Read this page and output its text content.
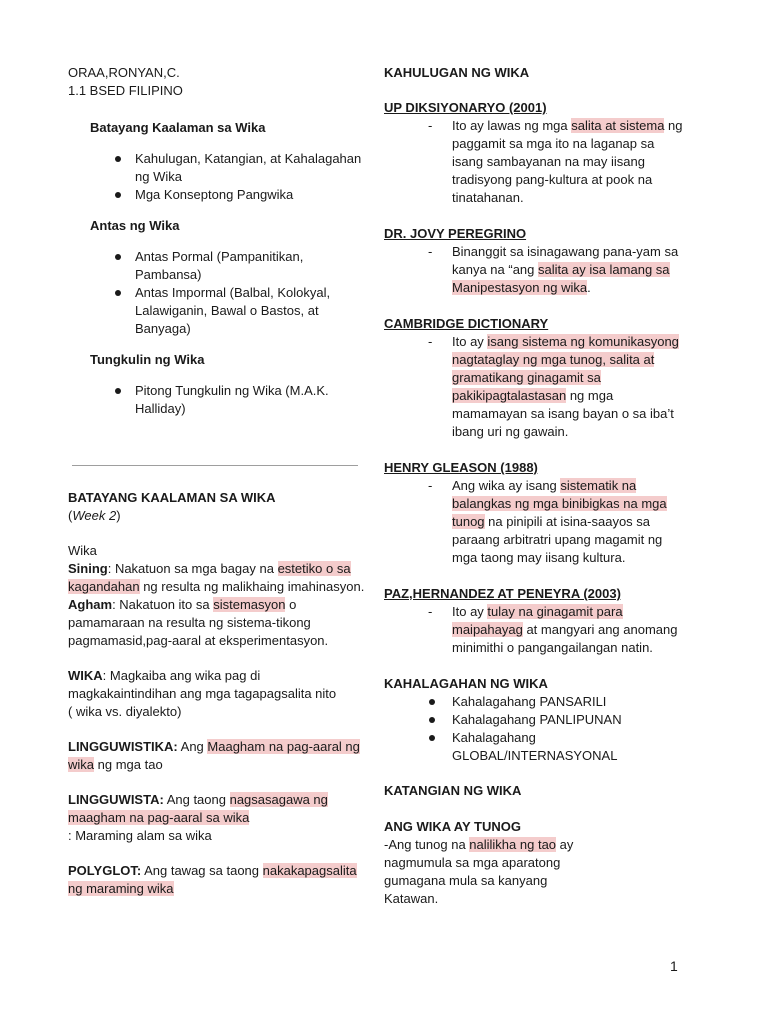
ORAA,RONYAN,C.

1.1 BSED FILIPINO

Batayang Kaalaman sa Wika

Kahulugan, Katangian, at Kahalagahan ng Wika
Mga Konseptong Pangwika

Antas ng Wika

Antas Pormal (Pampanitikan, Pambansa)
Antas Impormal (Balbal, Kolokyal, Lalawiganin, Bawal o Bastos, at Banyaga)

Tungkulin ng Wika

Pitong Tungkulin ng Wika (M.A.K. Halliday)

BATAYANG KAALAMAN SA WIKA

(Week 2)

Wika

Sining: Nakatuon sa mga bagay na estetiko o sa kagandahan ng resulta ng malikhaing imahinasyon.

Agham: Nakatuon ito sa sistemasyon o pamamaraan na resulta ng sistema-tikong pagmamasid,pag-aaral at eksperimentasyon.

WIKA: Magkaiba ang wika pag di magkakaintindihan ang mga tagapagsalita nito
( wika vs. diyalekto)

LINGGUWISTIKA: Ang Maagham na pag-aaral ng wika ng mga tao

LINGGUWISTA: Ang taong nagsasagawa ng maagham na pag-aaral sa wika

: Maraming alam sa wika

POLYGLOT: Ang tawag sa taong nakakapagsalita ng maraming wika

KAHULUGAN NG WIKA

UP DIKSIYONARYO (2001)

- Ito ay lawas ng mga salita at sistema ng paggamit sa mga ito na laganap sa isang sambayanan na may iisang tradisyong pang-kultura at pook na tinatahanan.

DR. JOVY PEREGRINO

- Binanggit sa isinagawang pana-yam sa kanya na “ang salita ay isa lamang sa Manipestasyon ng wika.

CAMBRIDGE DICTIONARY

- Ito ay isang sistema ng komunikasyong nagtataglay ng mga tunog, salita at gramatikang ginagamit sa pakikipagtalastasan ng mga mamamayan sa isang bayan o sa iba’t ibang uri ng gawain.

HENRY GLEASON (1988)

- Ang wika ay isang sistematik na balangkas ng mga binibigkas na mga tunog na pinipili at isina-saayos sa paraang arbitratri upang magamit ng mga taong may iisang kultura.

PAZ,HERNANDEZ AT PENEYRA (2003)

- Ito ay tulay na ginagamit para maipahayag at mangyari ang anomang minimithi o pangangailangan natin.

KAHALAGAHAN NG WIKA

Kahalagahang PANSARILI
Kahalagahang PANLIPUNAN
Kahalagahang GLOBAL/INTERNASYONAL

KATANGIAN NG WIKA

ANG WIKA AY TUNOG

-Ang tunog na nalilikha ng tao ay nagmumula sa mga aparatong gumagana mula sa kanyang Katawan.

1
